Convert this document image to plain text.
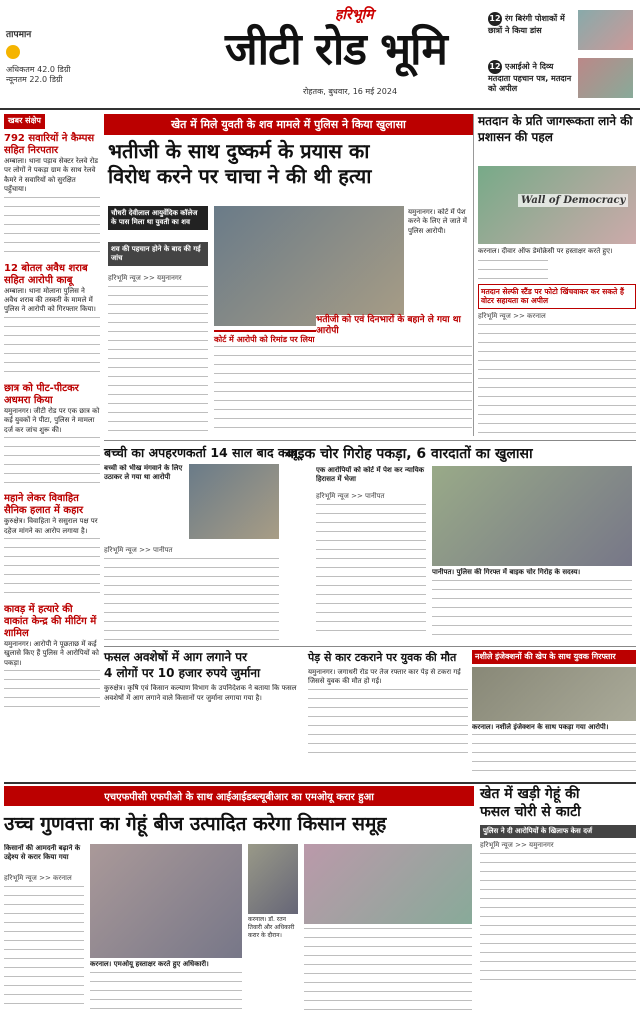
तापमान
अधिकतम 42.0 डिग्री
न्यूनतम 22.0 डिग्री
हरिभूमि
जीटी रोड भूमि
रोहतक, बुधवार, 16 मई 2024
12 रंग बिरंगी पोशाकों में छात्रों ने किया डांस
12 एआईओ ने दिव्य मतदाता पहचान पत्र, मतदान को अपील
खबर संक्षेप
792 सवारियों ने कैम्पस सहित निरपतार
अम्बाला। थाना पड़ाव सेक्टर रेलवे रोड पर लोगों ने पकड़ा ग्राम के साथ रेलवे कैमरे ने सवारियों को सुरक्षित पहुँचाया।
12 बोतल अवैध शराब सहित आरोपी काबू
अम्बाला। थाना मोलाना पुलिस ने अवैध शराब की तस्करी के मामले में पुलिस ने आरोपी को गिरफ्तार किया।
छात्र को पीट-पीटकर अधमरा किया
यमुनानगर। जीटी रोड पर एक छात्र को कई युवकों ने पीटा, पुलिस ने मामला दर्ज कर जांच शुरू की।
महाने लेकर विवाहित सैनिक हलात में कहार
कुरुक्षेत्र। विवाहिता ने ससुराल पक्ष पर दहेज मांगने का आरोप लगाया है।
कावड़ में हत्यारे की वाकांत केन्द्र की मीटिंग में शामिल
यमुनानगर। आरोपी ने पूछताछ में कई खुलासे किए हैं पुलिस ने आरोपियों को पकड़ा।
खेत में मिले युवती के शव मामले में पुलिस ने किया खुलासा
भतीजी के साथ दुष्कर्म के प्रयास का
विरोध करने पर चाचा ने की थी हत्या
चौधरी देवीलाल आयुर्वेदिक कॉलेज के पास मिला था युवती का शव
शव की पहचान होने के बाद की गई जांच
यमुनानगर। कोर्ट में पेश करने के लिए ले जाते में पुलिस आरोपी।
हरिभूमि न्यूज >> यमुनानगर
कोर्ट में आरोपी को रिमांड पर लिया
भतीजी को एवं दिनभारों के बहाने ले गया था आरोपी
मतदान के प्रति जागरूकता लाने की प्रशासन की पहल
Wall of Democracy
करनाल। दीवार ऑफ डेमोक्रेसी पर हस्ताक्षर करते हुए।
मतदान सेल्फी स्टैंड पर फोटो खिंचवाकर कर सकते हैं वोटर सहायता का अपील
हरिभूमि न्यूज >> करनाल
बच्ची का अपहरणकर्ता 14 साल बाद काबू
बच्ची को भीख मंगवाने के लिए उठाकर ले गया था आरोपी
हरिभूमि न्यूज >> पानीपत
बाइक चोर गिरोह पकड़ा, 6 वारदातों का खुलासा
एक आरोपियों को कोर्ट में पेश कर न्यायिक हिरासत में भेजा
हरिभूमि न्यूज >> पानीपत
पानीपत। पुलिस की गिरफ्त में बाइक चोर गिरोह के सदस्य।
फसल अवशेषों में आग लगाने पर
4 लोगों पर 10 हजार रुपये जुर्माना
कुरुक्षेत्र। कृषि एवं किसान कल्याण विभाग के उपनिदेशक ने बताया कि फसल अवशेषों में आग लगाने वाले किसानों पर जुर्माना लगाया गया है।
पेड़ से कार टकराने पर युवक की मौत
यमुनानगर। जगाधरी रोड पर तेज रफ्तार कार पेड़ से टकरा गई जिससे युवक की मौत हो गई।
नशीले इंजेक्शनों की खेप के साथ युवक गिरफ्तार
करनाल। नशीले इंजेक्शन के साथ पकड़ा गया आरोपी।
एचएफपीसी एफपीओ के साथ आईआईडब्ल्यूबीआर का एमओयू करार हुआ
उच्च गुणवत्ता का गेहूं बीज उत्पादित करेगा किसान समूह
किसानों की आमदनी बढ़ाने के उद्देश्य से करार किया गया
हरिभूमि न्यूज >> करनाल
करनाल। एमओयू हस्ताक्षर करते हुए अधिकारी।
करनाल। डॉ. रतन तिवारी और अधिकारी करार के दौरान।
खेत में खड़ी गेहूं की
फसल चोरी से काटी
पुलिस ने दी आरोपियों के खिलाफ केस दर्ज
हरिभूमि न्यूज >> यमुनानगर
